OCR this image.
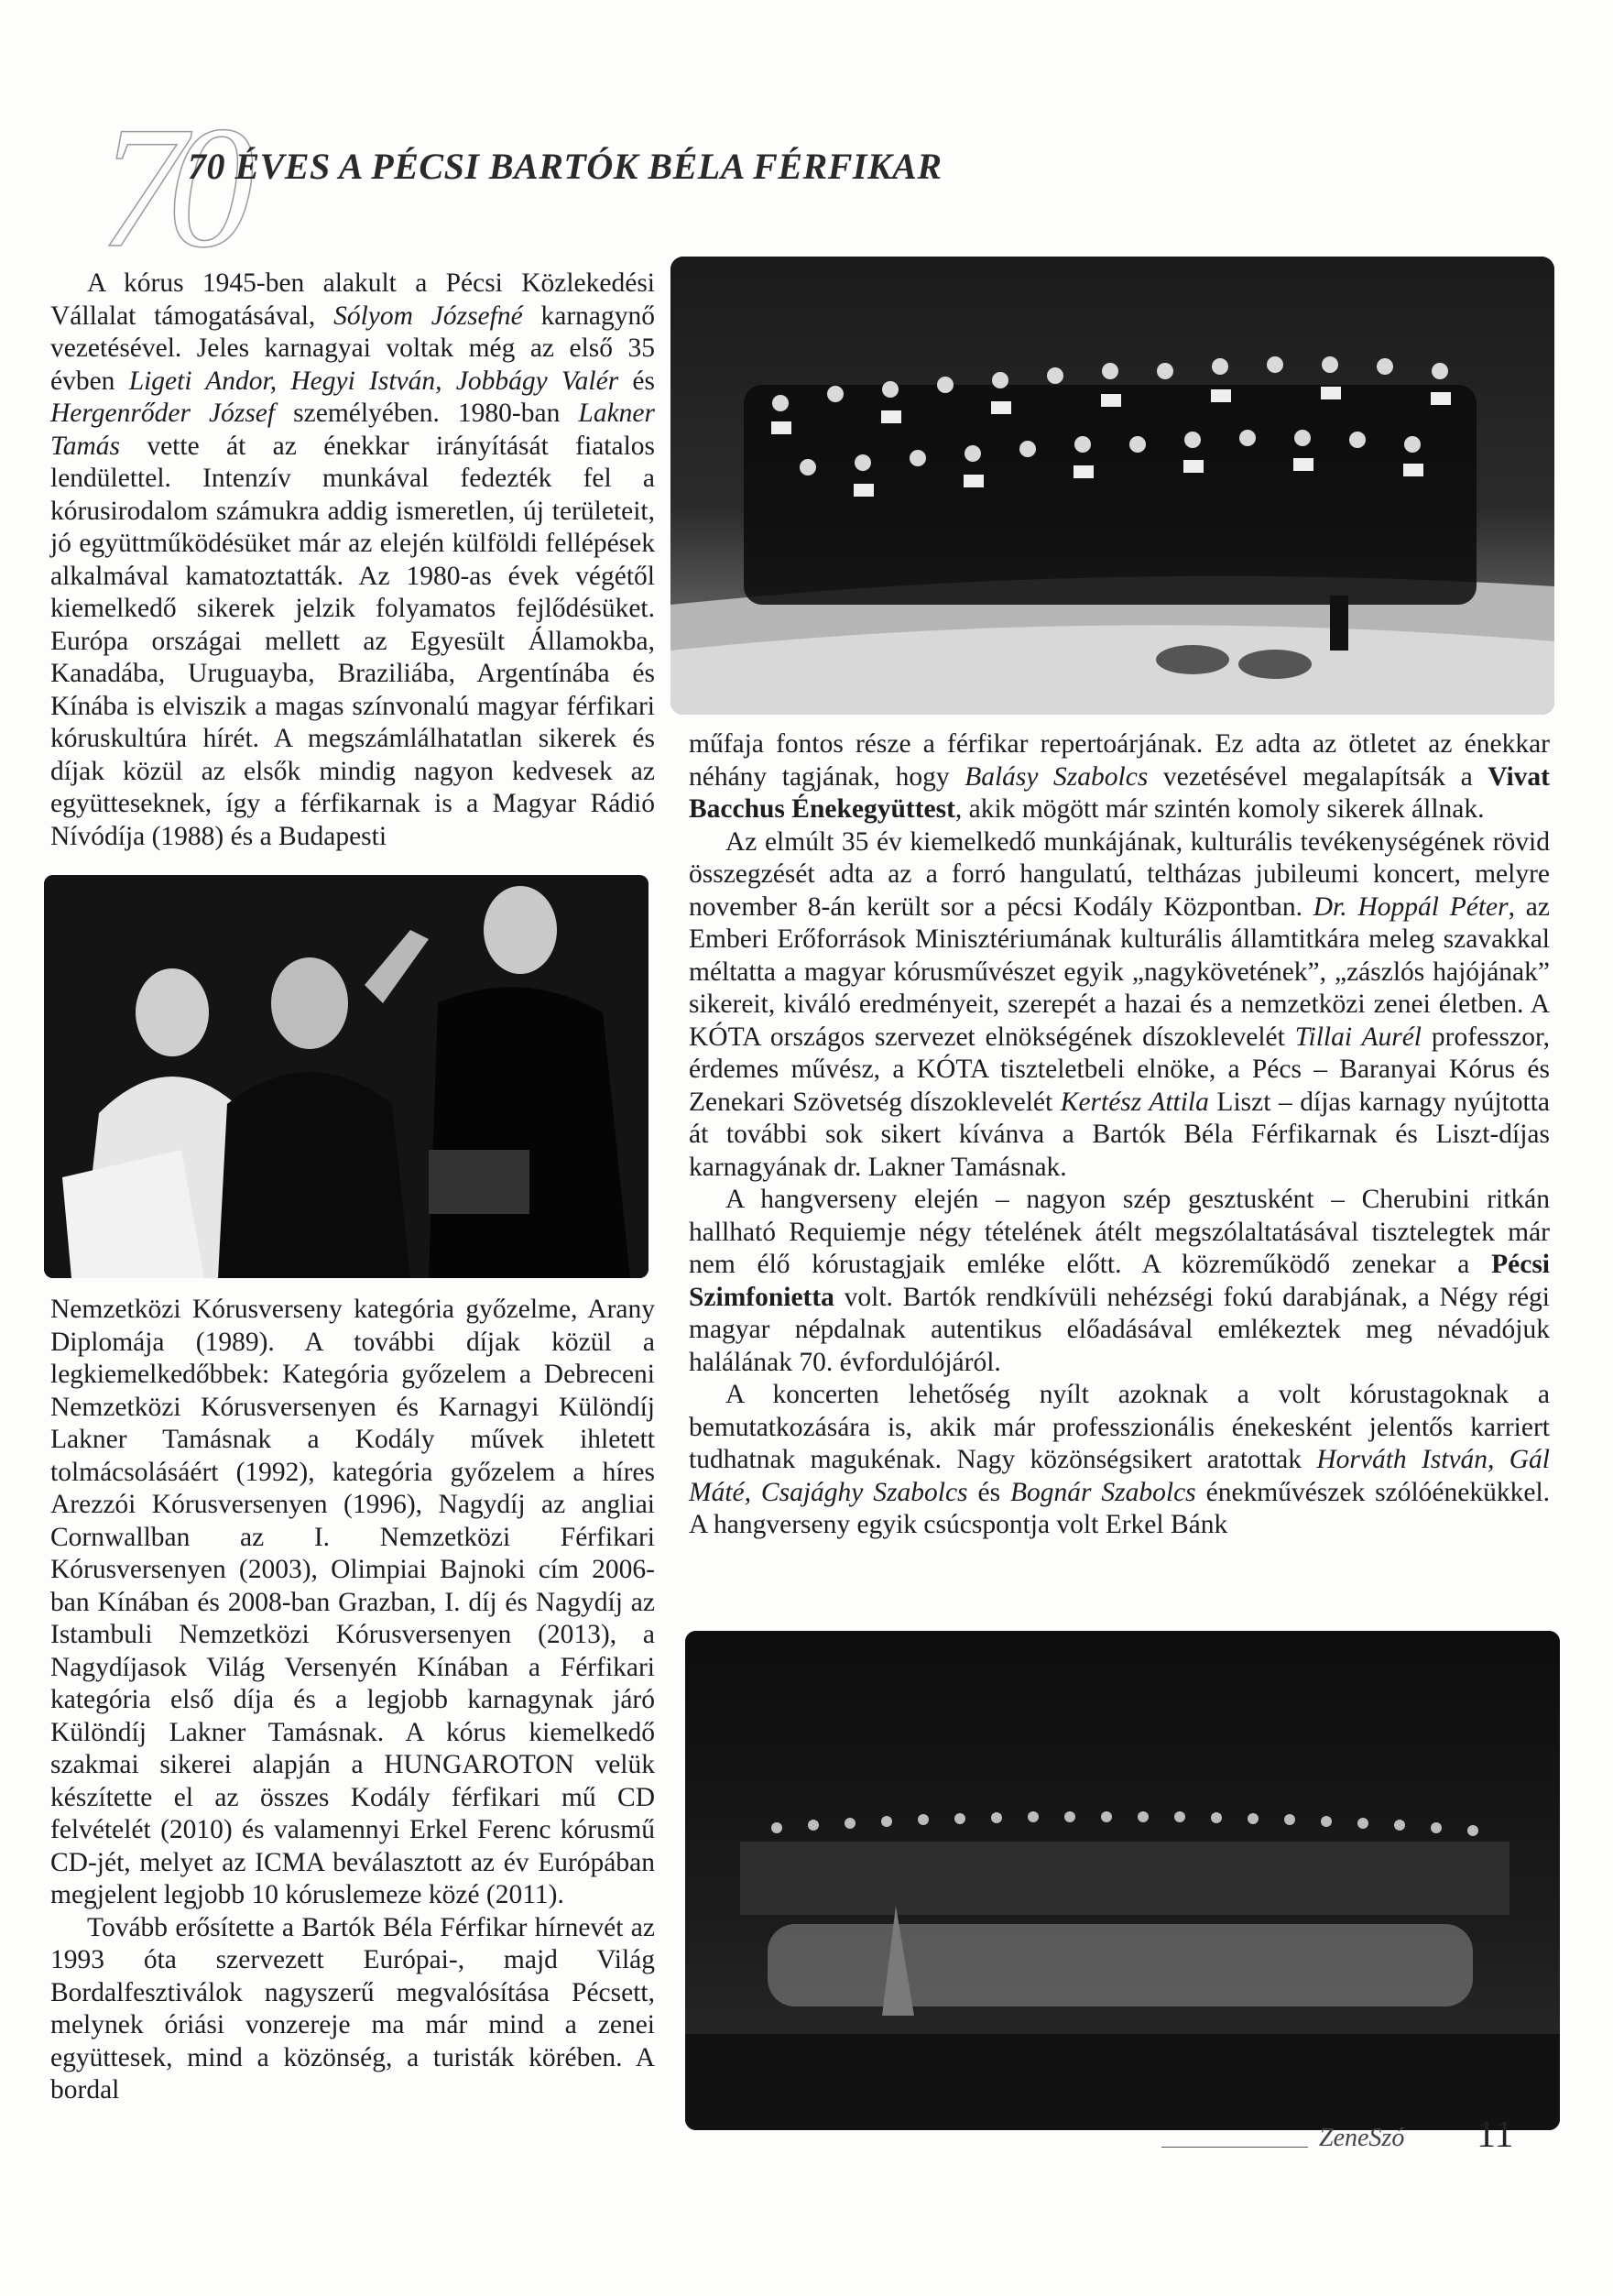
70
70 ÉVES A PÉCSI BARTÓK BÉLA FÉRFIKAR

A kórus 1945-ben alakult a Pécsi Közlekedési Vállalat támogatásával, Sólyom Józsefné karnagynő vezetésével. Jeles karnagyai voltak még az első 35 évben Ligeti Andor, Hegyi István, Jobbágy Valér és Hergenrőder József személyében. 1980-ban Lakner Tamás vette át az énekkar irányítását fiatalos lendülettel. Intenzív munkával fedezték fel a kórusirodalom számukra addig ismeretlen, új területeit, jó együttműködésüket már az elején külföldi fellépések alkalmával kamatoztatták. Az 1980-as évek végétől kiemelkedő sikerek jelzik folyamatos fejlődésüket. Európa országai mellett az Egyesült Államokba, Kanadába, Uruguayba, Braziliába, Argentínába és Kínába is elviszik a magas színvonalú magyar férfikari kóruskultúra hírét. A megszámlálhatatlan sikerek és díjak közül az elsők mindig nagyon kedvesek az együtteseknek, így a férfikarnak is a Magyar Rádió Nívódíja (1988) és a Budapesti

Nemzetközi Kórusverseny kategória győzelme, Arany Diplomája (1989). A további díjak közül a legkiemelkedőbbek: Kategória győzelem a Debreceni Nemzetközi Kórusversenyen és Karnagyi Különdíj Lakner Tamásnak a Kodály művek ihletett tolmácsolásáért (1992), kategória győzelem a híres Arezzói Kórusversenyen (1996), Nagydíj az angliai Cornwallban az I. Nemzetközi Férfikari Kórusversenyen (2003), Olimpiai Bajnoki cím 2006-ban Kínában és 2008-ban Grazban, I. díj és Nagydíj az Istambuli Nemzetközi Kórusversenyen (2013), a Nagydíjasok Világ Versenyén Kínában a Férfikari kategória első díja és a legjobb karnagynak járó Különdíj Lakner Tamásnak. A kórus kiemelkedő szakmai sikerei alapján a HUNGAROTON velük készítette el az összes Kodály férfikari mű CD felvételét (2010) és valamennyi Erkel Ferenc kórusmű CD-jét, melyet az ICMA beválasztott az év Európában megjelent legjobb 10 kóruslemeze közé (2011).

Tovább erősítette a Bartók Béla Férfikar hírnevét az 1993 óta szervezett Európai-, majd Világ Bordalfesztiválok nagyszerű megvalósítása Pécsett, melynek óriási vonzereje ma már mind a zenei együttesek, mind a közönség, a turisták körében. A bordal

műfaja fontos része a férfikar repertoárjának. Ez adta az ötletet az énekkar néhány tagjának, hogy Balásy Szabolcs vezetésével megalapítsák a Vivat Bacchus Énekegyüttest, akik mögött már szintén komoly sikerek állnak.

Az elmúlt 35 év kiemelkedő munkájának, kulturális tevékenységének rövid összegzését adta az a forró hangulatú, teltházas jubileumi koncert, melyre november 8-án került sor a pécsi Kodály Központban. Dr. Hoppál Péter, az Emberi Erőforrások Minisztériumának kulturális államtitkára meleg szavakkal méltatta a magyar kórusművészet egyik „nagykövetének”, „zászlós hajójának” sikereit, kiváló eredményeit, szerepét a hazai és a nemzetközi zenei életben. A KÓTA országos szervezet elnökségének díszoklevelét Tillai Aurél professzor, érdemes művész, a KÓTA tiszteletbeli elnöke, a Pécs – Baranyai Kórus és Zenekari Szövetség díszoklevelét Kertész Attila Liszt – díjas karnagy nyújtotta át további sok sikert kívánva a Bartók Béla Férfikarnak és Liszt-díjas karnagyának dr. Lakner Tamásnak.

A hangverseny elején – nagyon szép gesztusként – Cherubini ritkán hallható Requiemje négy tételének átélt megszólaltatásával tisztelegtek már nem élő kórustagjaik emléke előtt. A közreműködő zenekar a Pécsi Szimfonietta volt. Bartók rendkívüli nehézségi fokú darabjának, a Négy régi magyar népdalnak autentikus előadásával emlékeztek meg névadójuk halálának 70. évfordulójáról.

A koncerten lehetőség nyílt azoknak a volt kórustagoknak a bemutatkozására is, akik már professzionális énekesként jelentős karriert tudhatnak magukénak. Nagy közönségsikert aratottak Horváth István, Gál Máté, Csajághy Szabolcs és Bognár Szabolcs énekművészek szólóénekükkel. A hangverseny egyik csúcspontja volt Erkel Bánk

ZeneSzó 11
